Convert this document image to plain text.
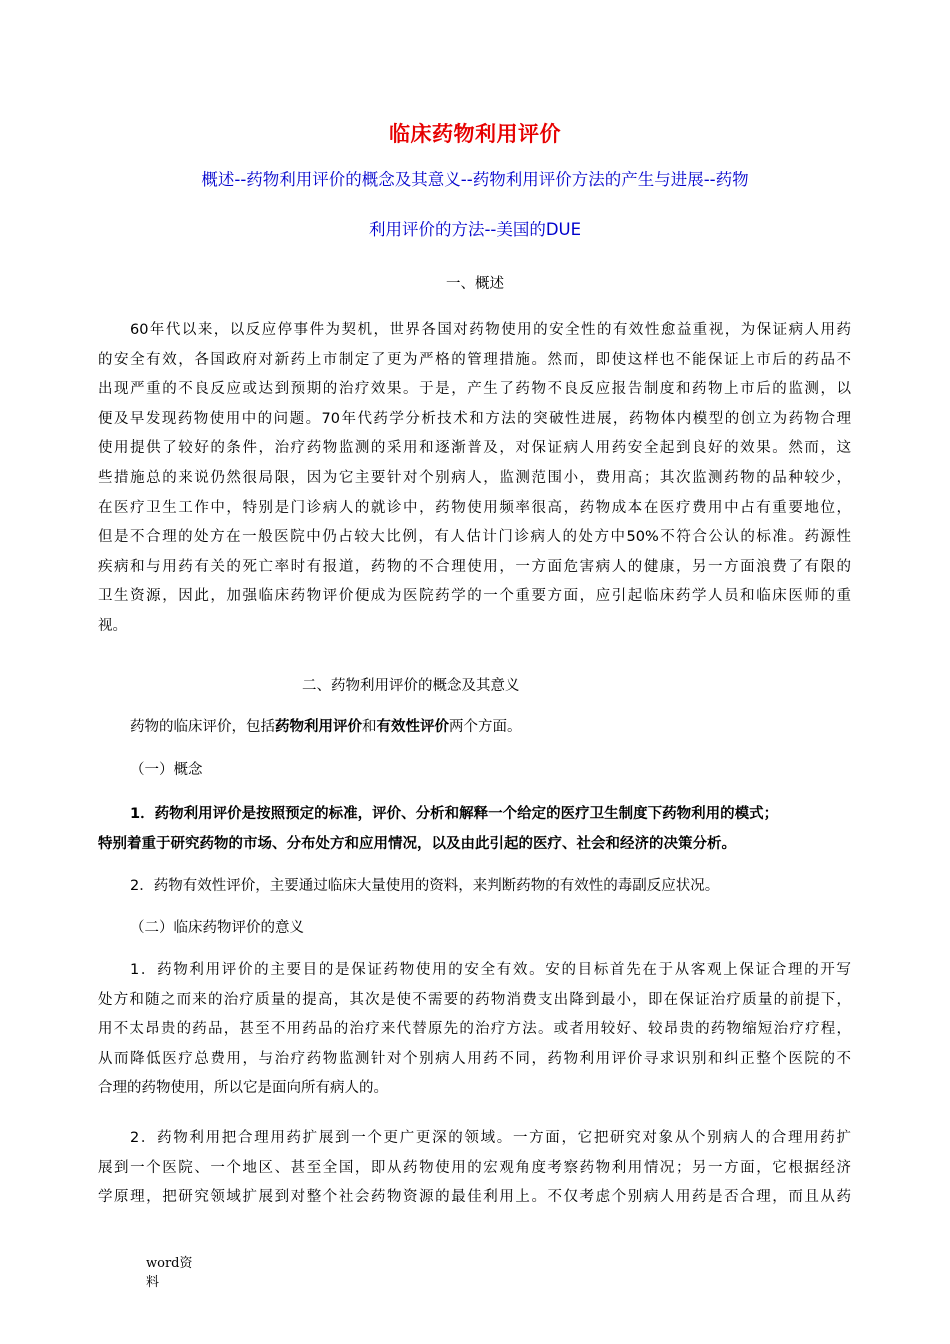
临床药物利用评价
概述--药物利用评价的概念及其意义--药物利用评价方法的产生与进展--药物
利用评价的方法--美国的DUE
一、概述
60年代以来，以反应停事件为契机，世界各国对药物使用的安全性的有效性愈益重视，为保证病人用药
的安全有效，各国政府对新药上市制定了更为严格的管理措施。然而，即使这样也不能保证上市后的药品不
出现严重的不良反应或达到预期的治疗效果。于是，产生了药物不良反应报告制度和药物上市后的监测，以
便及早发现药物使用中的问题。70年代药学分析技术和方法的突破性进展，药物体内模型的创立为药物合理
使用提供了较好的条件，治疗药物监测的采用和逐渐普及，对保证病人用药安全起到良好的效果。然而，这
些措施总的来说仍然很局限，因为它主要针对个别病人，监测范围小，费用高；其次监测药物的品种较少，
在医疗卫生工作中，特别是门诊病人的就诊中，药物使用频率很高，药物成本在医疗费用中占有重要地位，
但是不合理的处方在一般医院中仍占较大比例，有人估计门诊病人的处方中50%不符合公认的标准。药源性
疾病和与用药有关的死亡率时有报道，药物的不合理使用，一方面危害病人的健康，另一方面浪费了有限的
卫生资源，因此，加强临床药物评价便成为医院药学的一个重要方面，应引起临床药学人员和临床医师的重
视。
二、药物利用评价的概念及其意义
药物的临床评价，包括药物利用评价和有效性评价两个方面。
（一）概念
1．药物利用评价是按照预定的标准，评价、分析和解释一个给定的医疗卫生制度下药物利用的模式；
特别着重于研究药物的市场、分布处方和应用情况，以及由此引起的医疗、社会和经济的决策分析。
2．药物有效性评价，主要通过临床大量使用的资料，来判断药物的有效性的毒副反应状况。
（二）临床药物评价的意义
1．药物利用评价的主要目的是保证药物使用的安全有效。安的目标首先在于从客观上保证合理的开写
处方和随之而来的治疗质量的提高，其次是使不需要的药物消费支出降到最小，即在保证治疗质量的前提下，
用不太昂贵的药品，甚至不用药品的治疗来代替原先的治疗方法。或者用较好、较昂贵的药物缩短治疗疗程，
从而降低医疗总费用，与治疗药物监测针对个别病人用药不同，药物利用评价寻求识别和纠正整个医院的不
合理的药物使用，所以它是面向所有病人的。
2．药物利用把合理用药扩展到一个更广更深的领域。一方面，它把研究对象从个别病人的合理用药扩
展到一个医院、一个地区、甚至全国，即从药物使用的宏观角度考察药物利用情况；另一方面，它根据经济
学原理，把研究领域扩展到对整个社会药物资源的最佳利用上。不仅考虑个别病人用药是否合理，而且从药
word资
料
